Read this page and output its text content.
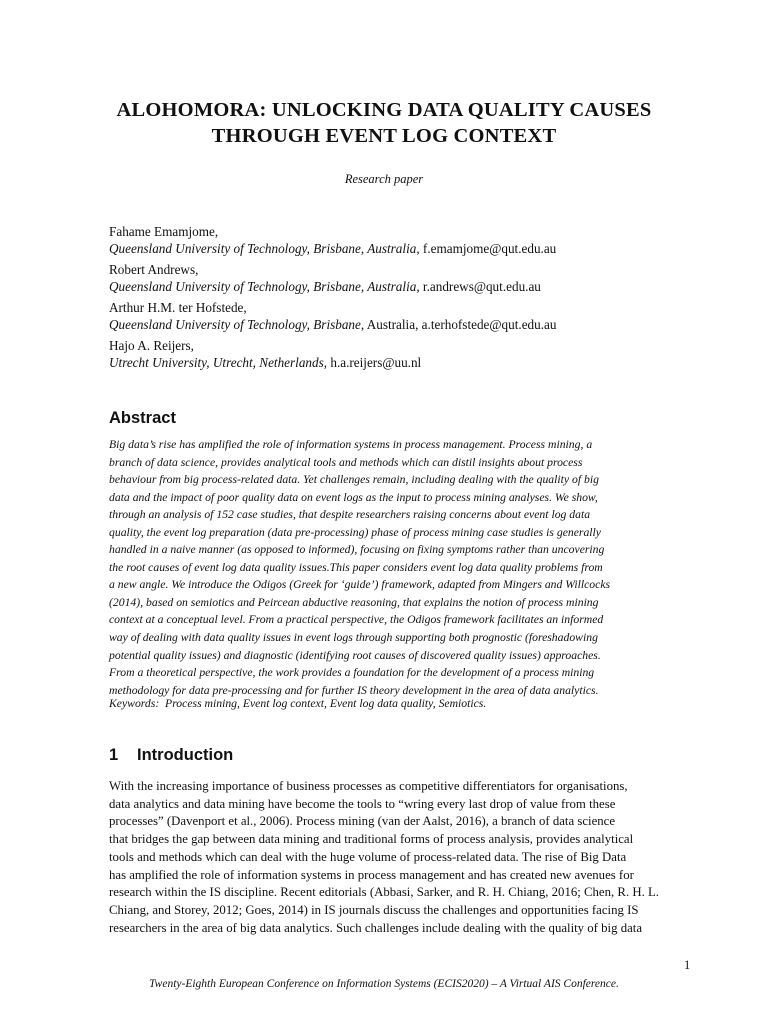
ALOHOMORA: UNLOCKING DATA QUALITY CAUSES
THROUGH EVENT LOG CONTEXT
Research paper
Fahame Emamjome,
Queensland University of Technology, Brisbane, Australia, f.emamjome@qut.edu.au
Robert Andrews,
Queensland University of Technology, Brisbane, Australia, r.andrews@qut.edu.au
Arthur H.M. ter Hofstede,
Queensland University of Technology, Brisbane, Australia, a.terhofstede@qut.edu.au
Hajo A. Reijers,
Utrecht University, Utrecht, Netherlands, h.a.reijers@uu.nl
Abstract
Big data’s rise has amplified the role of information systems in process management. Process mining, a
branch of data science, provides analytical tools and methods which can distil insights about process
behaviour from big process-related data. Yet challenges remain, including dealing with the quality of big
data and the impact of poor quality data on event logs as the input to process mining analyses. We show,
through an analysis of 152 case studies, that despite researchers raising concerns about event log data
quality, the event log preparation (data pre-processing) phase of process mining case studies is generally
handled in a naive manner (as opposed to informed), focusing on fixing symptoms rather than uncovering
the root causes of event log data quality issues.This paper considers event log data quality problems from
a new angle. We introduce the Odigos (Greek for ‘guide’) framework, adapted from Mingers and Willcocks
(2014), based on semiotics and Peircean abductive reasoning, that explains the notion of process mining
context at a conceptual level. From a practical perspective, the Odigos framework facilitates an informed
way of dealing with data quality issues in event logs through supporting both prognostic (foreshadowing
potential quality issues) and diagnostic (identifying root causes of discovered quality issues) approaches.
From a theoretical perspective, the work provides a foundation for the development of a process mining
methodology for data pre-processing and for further IS theory development in the area of data analytics.
Keywords:  Process mining, Event log context, Event log data quality, Semiotics.
1 Introduction
With the increasing importance of business processes as competitive differentiators for organisations,
data analytics and data mining have become the tools to “wring every last drop of value from these
processes” (Davenport et al., 2006). Process mining (van der Aalst, 2016), a branch of data science
that bridges the gap between data mining and traditional forms of process analysis, provides analytical
tools and methods which can deal with the huge volume of process-related data. The rise of Big Data
has amplified the role of information systems in process management and has created new avenues for
research within the IS discipline. Recent editorials (Abbasi, Sarker, and R. H. Chiang, 2016; Chen, R. H. L.
Chiang, and Storey, 2012; Goes, 2014) in IS journals discuss the challenges and opportunities facing IS
researchers in the area of big data analytics. Such challenges include dealing with the quality of big data
1
Twenty-Eighth European Conference on Information Systems (ECIS2020) – A Virtual AIS Conference.
